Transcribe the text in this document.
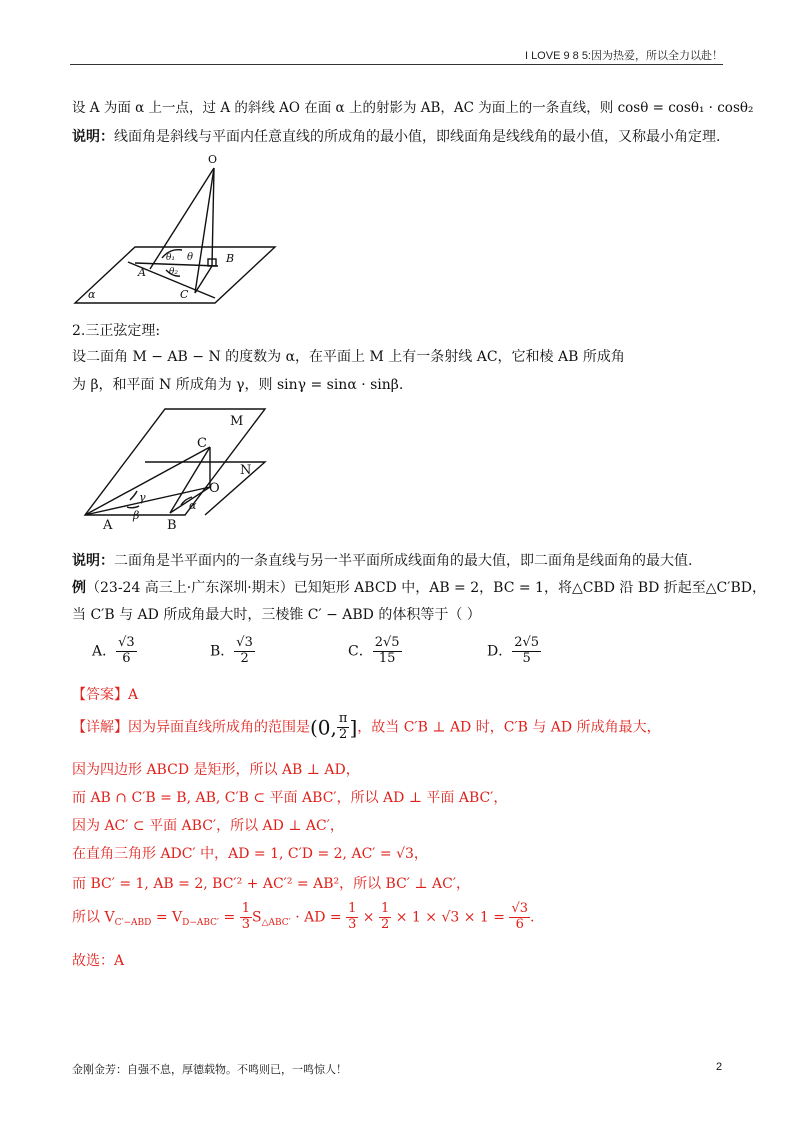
I LOVE 9 8 5:因为热爱，所以全力以赴！
设 A 为面 α 上一点，过 A 的斜线 AO 在面 α 上的射影为 AB，AC 为面上的一条直线，则 cosθ = cosθ₁ · cosθ₂
说明：线面角是斜线与平面内任意直线的所成角的最小值，即线面角是线线角的最小值，又称最小角定理.
O
A
B
C
α
θ
θ₁
θ₂
2.三正弦定理:
设二面角 M − AB − N 的度数为 α，在平面上 M 上有一条射线 AC，它和棱 AB 所成角
为 β，和平面 N 所成角为 γ，则 sinγ = sinα · sinβ.
M
N
C
O
A	B
γ
β
α
说明：二面角是半平面内的一条直线与另一半平面所成线面角的最大值，即二面角是线面角的最大值.
例（23-24 高三上·广东深圳·期末）已知矩形 ABCD 中，AB = 2，BC = 1，将△CBD 沿 BD 折起至△C′BD，
当 C′B 与 AD 所成角最大时，三棱锥 C′ − ABD 的体积等于（ ）
A． $\frac{√3}{6}$	B． $\frac{√3}{2}$	C． $\frac{2√5}{15}$	D． $\frac{2√5}{5}$
【答案】A
【详解】因为异面直线所成角的范围是(0, $\frac{\pi}{2}$ ]，故当 C′B ⊥ AD 时，C′B 与 AD 所成角最大，
因为四边形 ABCD 是矩形，所以 AB ⊥ AD，
而 AB ∩ C′B = B, AB, C′B ⊂ 平面 ABC′，所以 AD ⊥ 平面 ABC′，
因为 AC′ ⊂ 平面 ABC′，所以 AD ⊥ AC′，
在直角三角形 ADC′ 中，AD = 1, C′D = 2, AC′ = √3，
而 BC′ = 1, AB = 2, BC′² + AC′² = AB²，所以 BC′ ⊥ AC′，
所以 $V_{C'-ABD} = V_{D-ABC'} = \frac{1}{3} S_{\triangle ABC'}$ · AD = $\frac{1}{3} \times \frac{1}{2} \times 1 \times √3 \times 1 = \frac{√3}{6}$ .
故选：A
金刚金芳：自强不息，厚德载物。不鸣则已，一鸣惊人！	2
